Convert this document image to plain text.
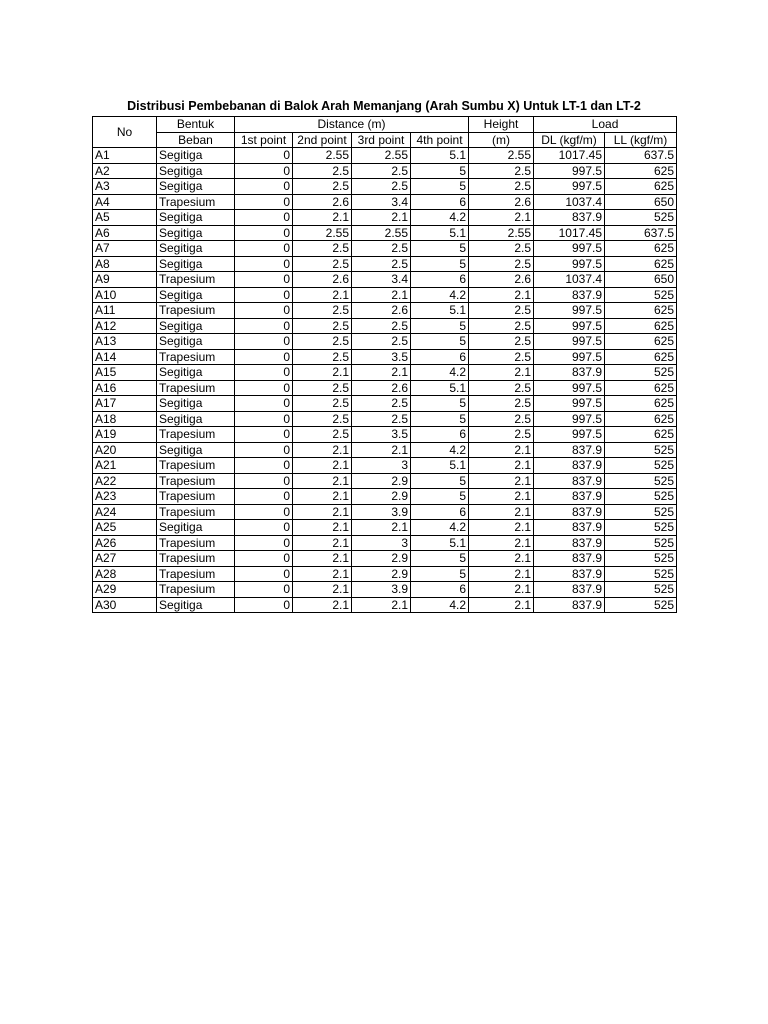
Distribusi Pembebanan di Balok Arah Memanjang (Arah Sumbu X) Untuk LT-1 dan LT-2
No	Bentuk	Distance (m)				Height	Load	
	Beban	1st point	2nd point	3rd point	4th point	(m)	DL (kgf/m)	LL (kgf/m)
A1	Segitiga	0	2.55	2.55	5.1	2.55	1017.45	637.5
A2	Segitiga	0	2.5	2.5	5	2.5	997.5	625
A3	Segitiga	0	2.5	2.5	5	2.5	997.5	625
A4	Trapesium	0	2.6	3.4	6	2.6	1037.4	650
A5	Segitiga	0	2.1	2.1	4.2	2.1	837.9	525
A6	Segitiga	0	2.55	2.55	5.1	2.55	1017.45	637.5
A7	Segitiga	0	2.5	2.5	5	2.5	997.5	625
A8	Segitiga	0	2.5	2.5	5	2.5	997.5	625
A9	Trapesium	0	2.6	3.4	6	2.6	1037.4	650
A10	Segitiga	0	2.1	2.1	4.2	2.1	837.9	525
A11	Trapesium	0	2.5	2.6	5.1	2.5	997.5	625
A12	Segitiga	0	2.5	2.5	5	2.5	997.5	625
A13	Segitiga	0	2.5	2.5	5	2.5	997.5	625
A14	Trapesium	0	2.5	3.5	6	2.5	997.5	625
A15	Segitiga	0	2.1	2.1	4.2	2.1	837.9	525
A16	Trapesium	0	2.5	2.6	5.1	2.5	997.5	625
A17	Segitiga	0	2.5	2.5	5	2.5	997.5	625
A18	Segitiga	0	2.5	2.5	5	2.5	997.5	625
A19	Trapesium	0	2.5	3.5	6	2.5	997.5	625
A20	Segitiga	0	2.1	2.1	4.2	2.1	837.9	525
A21	Trapesium	0	2.1	3	5.1	2.1	837.9	525
A22	Trapesium	0	2.1	2.9	5	2.1	837.9	525
A23	Trapesium	0	2.1	2.9	5	2.1	837.9	525
A24	Trapesium	0	2.1	3.9	6	2.1	837.9	525
A25	Segitiga	0	2.1	2.1	4.2	2.1	837.9	525
A26	Trapesium	0	2.1	3	5.1	2.1	837.9	525
A27	Trapesium	0	2.1	2.9	5	2.1	837.9	525
A28	Trapesium	0	2.1	2.9	5	2.1	837.9	525
A29	Trapesium	0	2.1	3.9	6	2.1	837.9	525
A30	Segitiga	0	2.1	2.1	4.2	2.1	837.9	525
